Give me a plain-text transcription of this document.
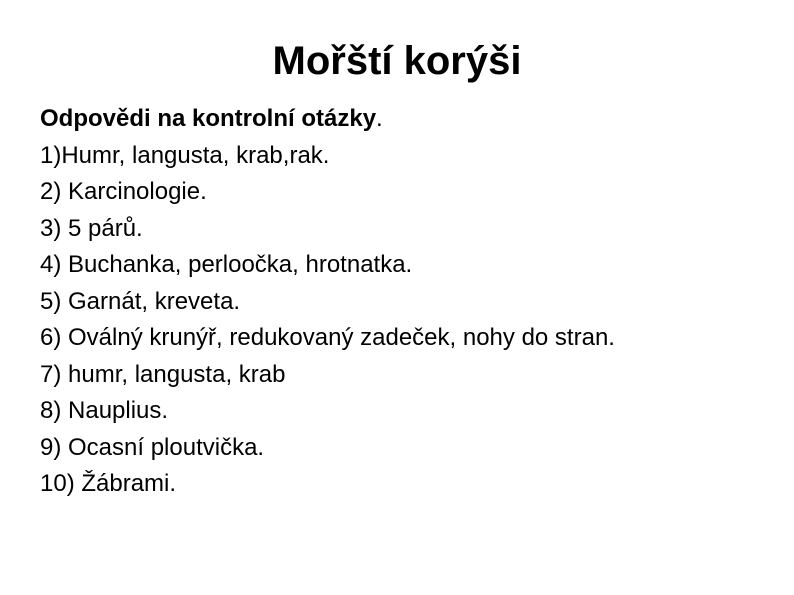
Mořští korýši
Odpovědi na kontrolní otázky.
1)Humr, langusta, krab,rak.
2) Karcinologie.
3) 5 párů.
4) Buchanka, perloočka, hrotnatka.
5) Garnát, kreveta.
6) Oválný krunýř, redukovaný zadeček, nohy do stran.
7) humr, langusta, krab
8) Nauplius.
9) Ocasní ploutvička.
10) Žábrami.
